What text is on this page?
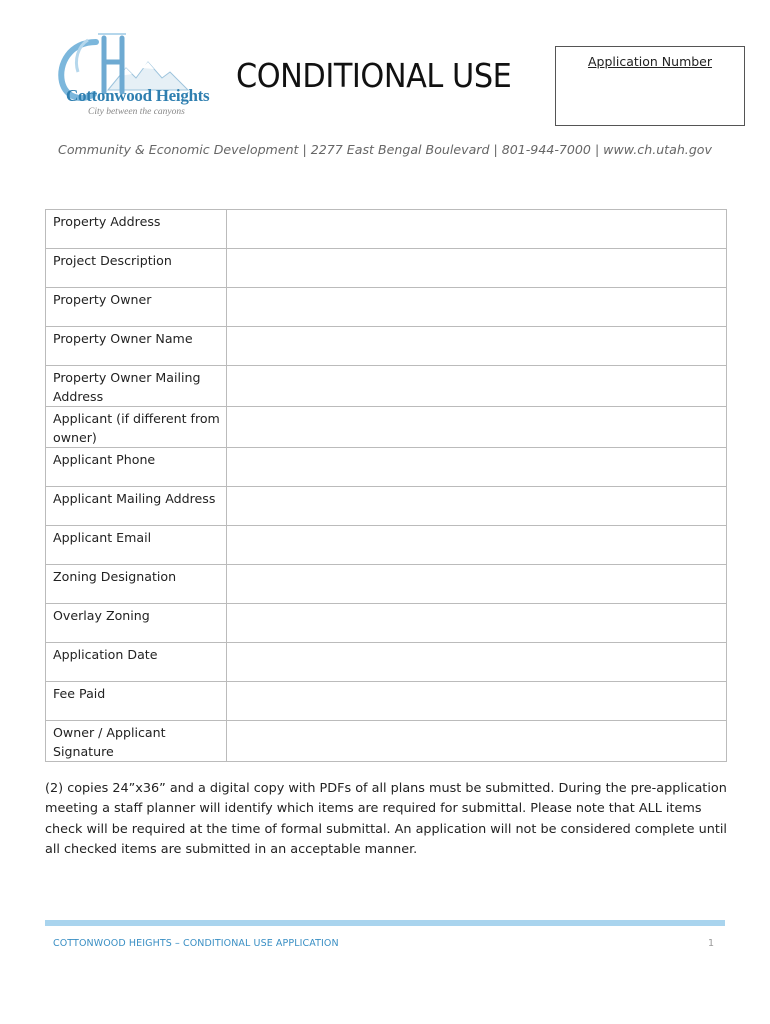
Cottonwood Heights
City between the canyons
CONDITIONAL USE	Application Number
Community & Economic Development | 2277 East Bengal Boulevard | 801-944-7000 | www.ch.utah.gov
Property Address	
Project Description	
Property Owner	
Property Owner Name	
Property Owner Mailing Address	
Applicant (if different from owner)	
Applicant Phone	
Applicant Mailing Address	
Applicant Email	
Zoning Designation	
Overlay Zoning	
Application Date	
Fee Paid	
Owner / Applicant Signature	
(2) copies 24”x36” and a digital copy with PDFs of all plans must be submitted. During the pre-application meeting a staff planner will identify which items are required for submittal. Please note that ALL items check will be required at the time of formal submittal. An application will not be considered complete until all checked items are submitted in an acceptable manner.
COTTONWOOD HEIGHTS – CONDITIONAL USE APPLICATION	1
